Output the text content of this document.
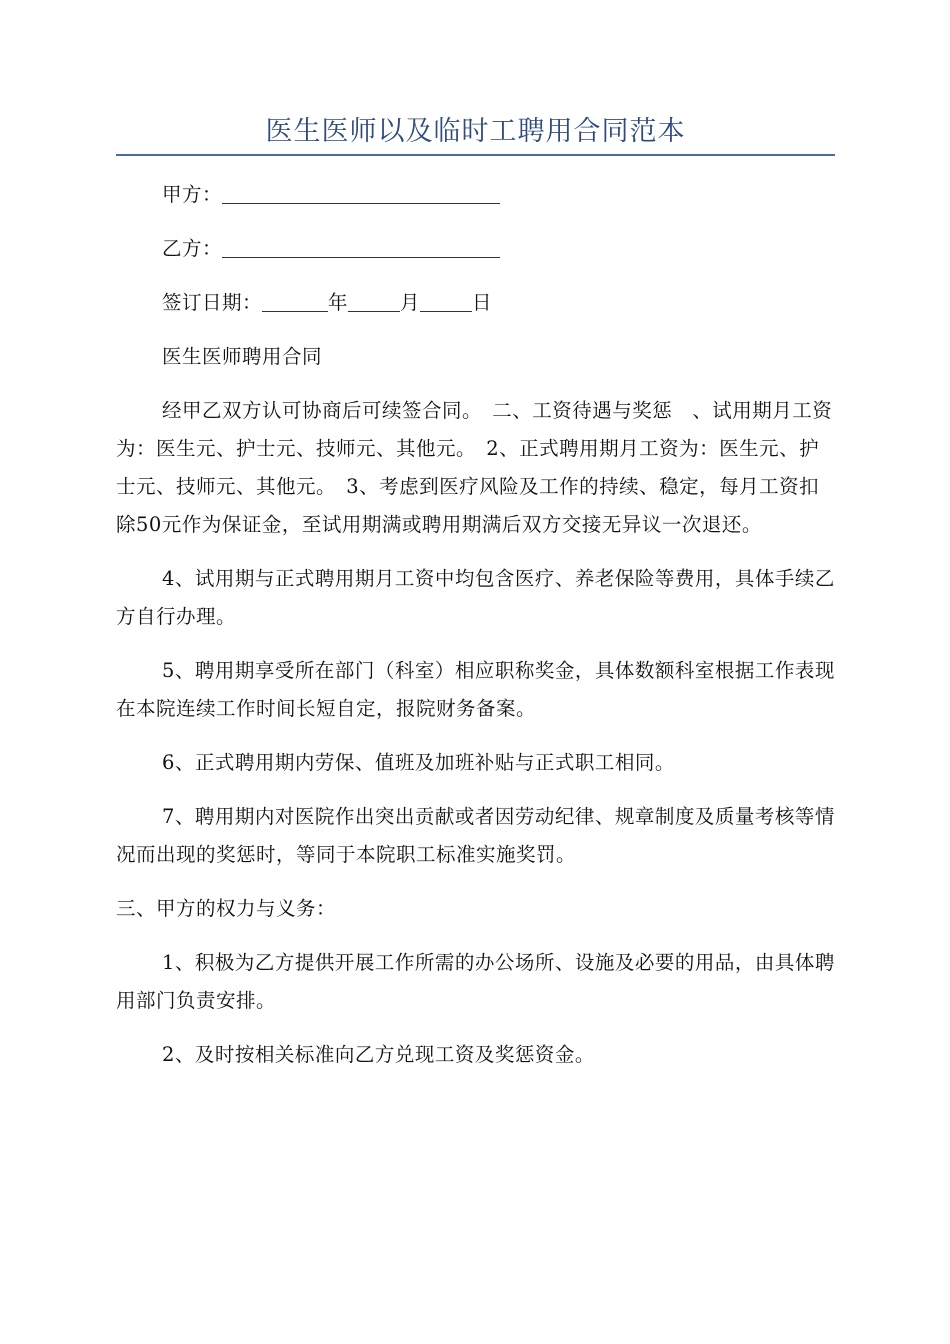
医生医师以及临时工聘用合同范本

甲方：

乙方：

签订日期：	年	月	日

医生医师聘用合同

经甲乙双方认可协商后可续签合同。　二、工资待遇与奖惩　、试用期月工资为：医生元、护士元、技师元、其他元。　2、正式聘用期月工资为：医生元、护士元、技师元、其他元。　3、考虑到医疗风险及工作的持续、稳定，每月工资扣除50元作为保证金，至试用期满或聘用期满后双方交接无异议一次退还。

4、试用期与正式聘用期月工资中均包含医疗、养老保险等费用，具体手续乙方自行办理。

5、聘用期享受所在部门（科室）相应职称奖金，具体数额科室根据工作表现在本院连续工作时间长短自定，报院财务备案。

6、正式聘用期内劳保、值班及加班补贴与正式职工相同。

7、聘用期内对医院作出突出贡献或者因劳动纪律、规章制度及质量考核等情况而出现的奖惩时，等同于本院职工标准实施奖罚。

三、甲方的权力与义务：

1、积极为乙方提供开展工作所需的办公场所、设施及必要的用品，由具体聘用部门负责安排。

2、及时按相关标准向乙方兑现工资及奖惩资金。
